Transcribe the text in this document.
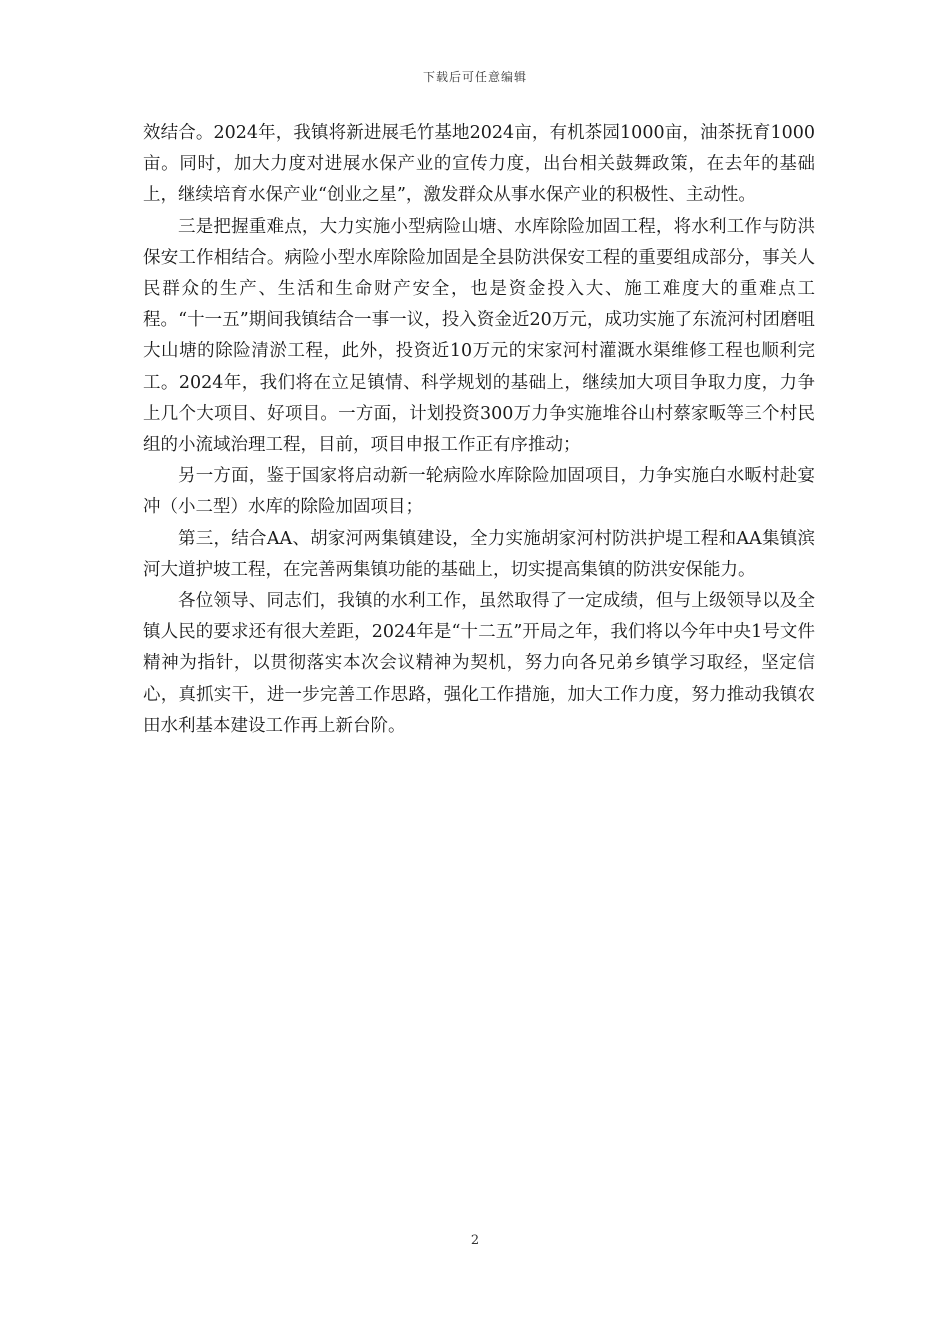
下载后可任意编辑

效结合。2024年，我镇将新进展毛竹基地2024亩，有机茶园1000亩，油茶抚育1000亩。同时，加大力度对进展水保产业的宣传力度，出台相关鼓舞政策，在去年的基础上，继续培育水保产业“创业之星”，激发群众从事水保产业的积极性、主动性。

三是把握重难点，大力实施小型病险山塘、水库除险加固工程，将水利工作与防洪保安工作相结合。病险小型水库除险加固是全县防洪保安工程的重要组成部分，事关人民群众的生产、生活和生命财产安全，也是资金投入大、施工难度大的重难点工程。“十一五”期间我镇结合一事一议，投入资金近20万元，成功实施了东流河村团磨咀大山塘的除险清淤工程，此外，投资近10万元的宋家河村灌溉水渠维修工程也顺利完工。2024年，我们将在立足镇情、科学规划的基础上，继续加大项目争取力度，力争上几个大项目、好项目。一方面，计划投资300万力争实施堆谷山村蔡家畈等三个村民组的小流域治理工程，目前，项目申报工作正有序推动；

另一方面，鉴于国家将启动新一轮病险水库除险加固项目，力争实施白水畈村赴宴冲（小二型）水库的除险加固项目；

第三，结合AA、胡家河两集镇建设，全力实施胡家河村防洪护堤工程和AA集镇滨河大道护坡工程，在完善两集镇功能的基础上，切实提高集镇的防洪安保能力。

各位领导、同志们，我镇的水利工作，虽然取得了一定成绩，但与上级领导以及全镇人民的要求还有很大差距，2024年是“十二五”开局之年，我们将以今年中央1号文件精神为指针，以贯彻落实本次会议精神为契机，努力向各兄弟乡镇学习取经，坚定信心，真抓实干，进一步完善工作思路，强化工作措施，加大工作力度，努力推动我镇农田水利基本建设工作再上新台阶。

2
